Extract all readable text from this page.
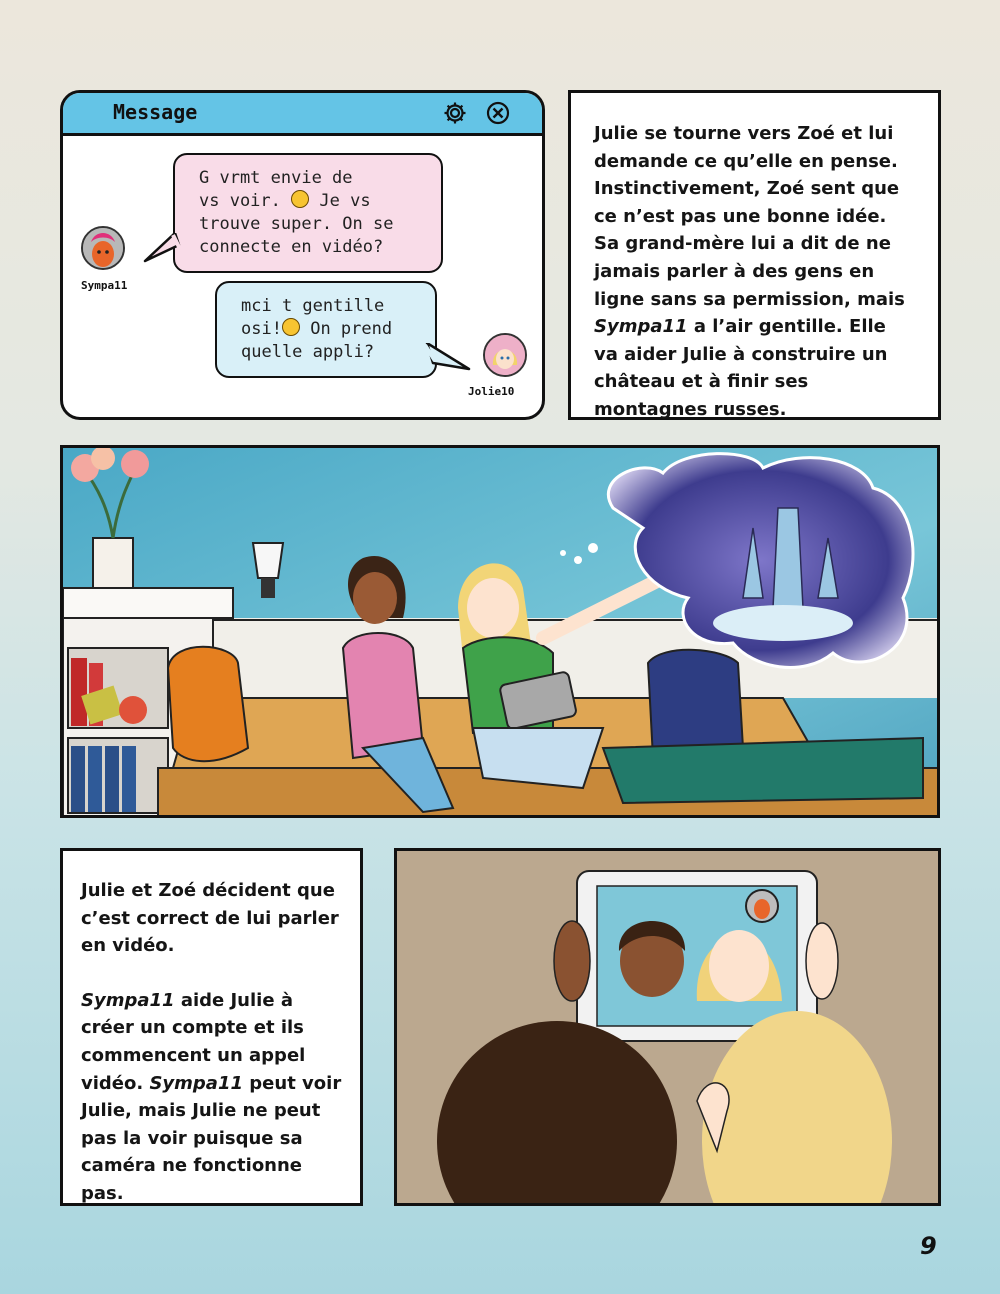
Message
G vrmt envie de
vs voir. Je vs
trouve super. On se
connecte en vidéo?
Sympa11
mci t gentille
osi! On prend
quelle appli?
Jolie10

Julie se tourne vers Zoé et lui demande ce qu’elle en pense. Instinctivement, Zoé sent que ce n’est pas une bonne idée. Sa grand-mère lui a dit de ne jamais parler à des gens en ligne sans sa permission, mais Sympa11 a l’air gentille. Elle va aider Julie à construire un château et à finir ses montagnes russes.

Julie et Zoé décident que c’est correct de lui parler en vidéo.

Sympa11 aide Julie à créer un compte et ils commencent un appel vidéo. Sympa11 peut voir Julie, mais Julie ne peut pas la voir puisque sa caméra ne fonctionne pas.

9
